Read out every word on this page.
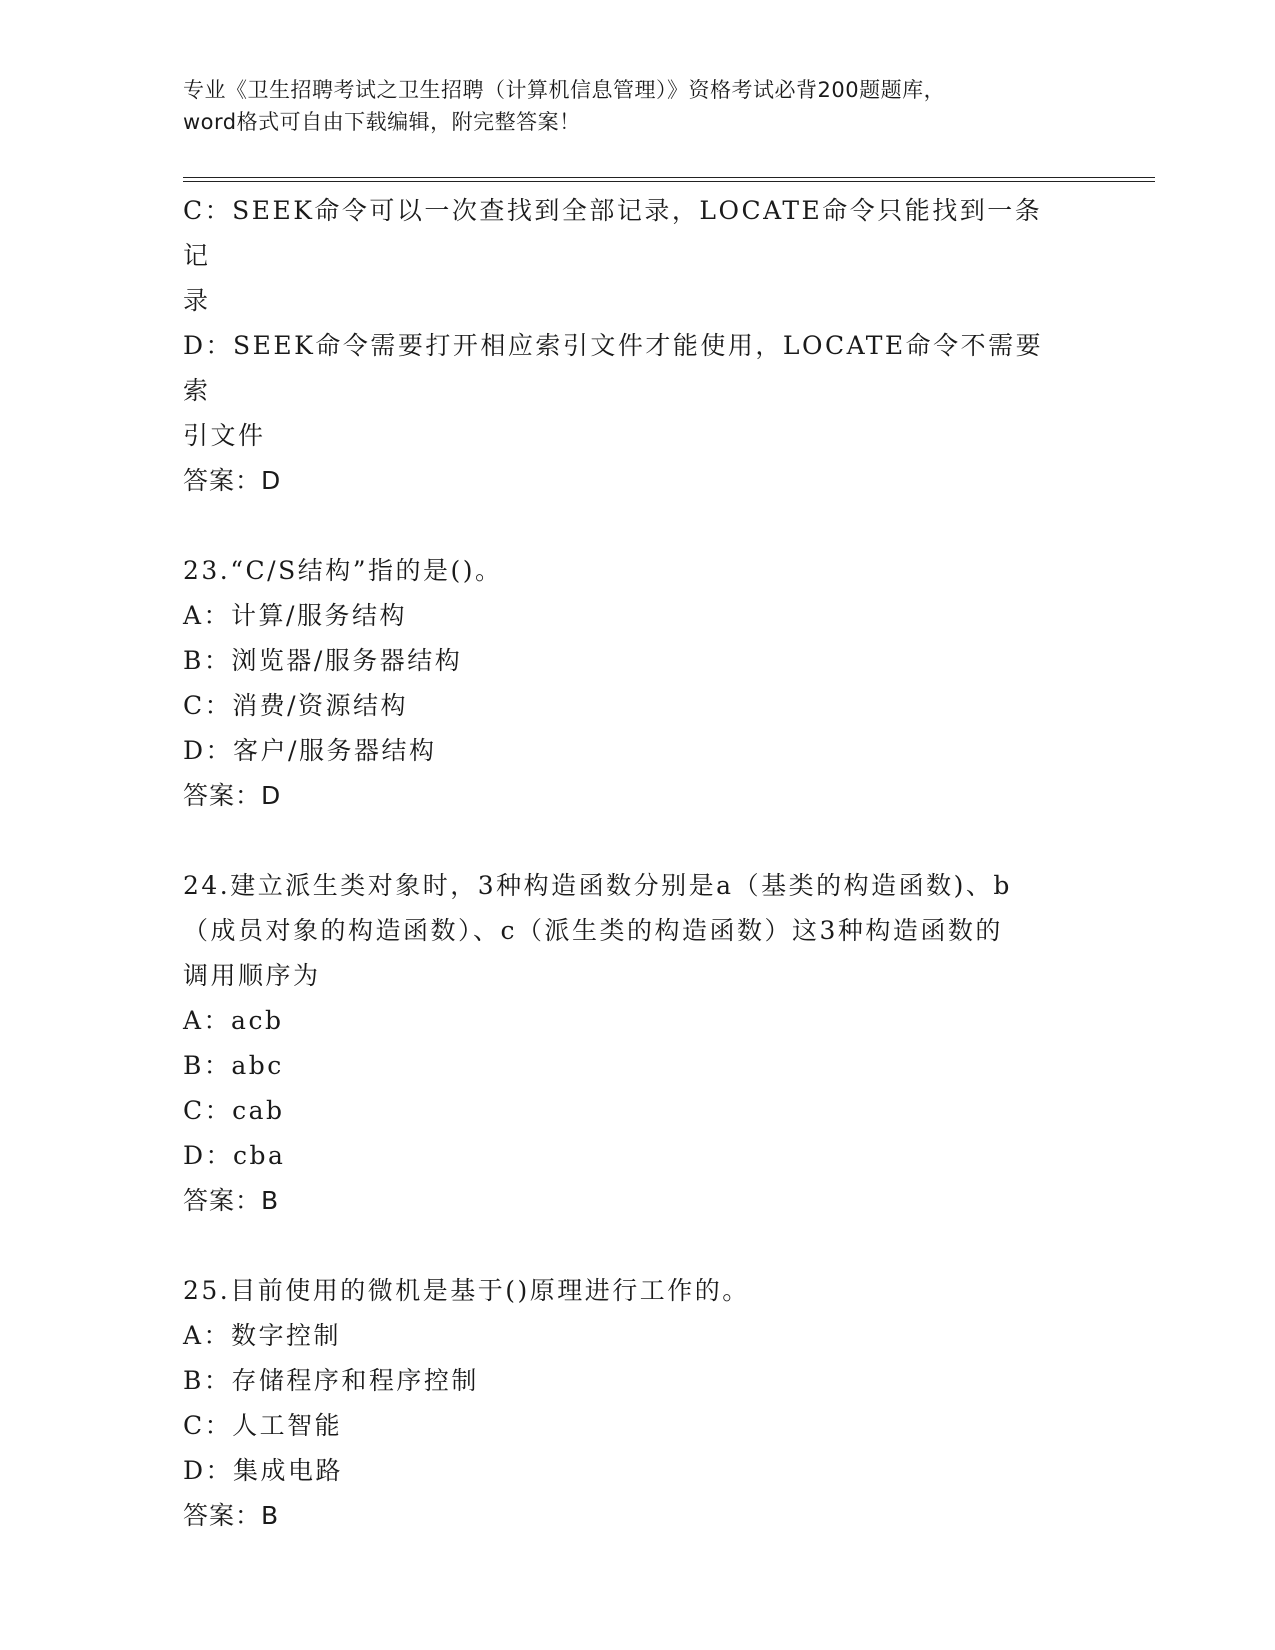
专业《卫生招聘考试之卫生招聘（计算机信息管理）》资格考试必背200题题库，
word格式可自由下载编辑，附完整答案！

C：SEEK命令可以一次查找到全部记录，LOCATE命令只能找到一条记

录

D：SEEK命令需要打开相应索引文件才能使用，LOCATE命令不需要索

引文件

答案：D

23.“C/S结构”指的是()。

A：计算/服务结构

B：浏览器/服务器结构

C：消费/资源结构

D：客户/服务器结构

答案：D

24.建立派生类对象时，3种构造函数分别是a（基类的构造函数)、b

（成员对象的构造函数）、c（派生类的构造函数）这3种构造函数的

调用顺序为

A：acb

B：abc

C：cab

D：cba

答案：B

25.目前使用的微机是基于()原理进行工作的。

A：数字控制

B：存储程序和程序控制

C：人工智能

D：集成电路

答案：B
